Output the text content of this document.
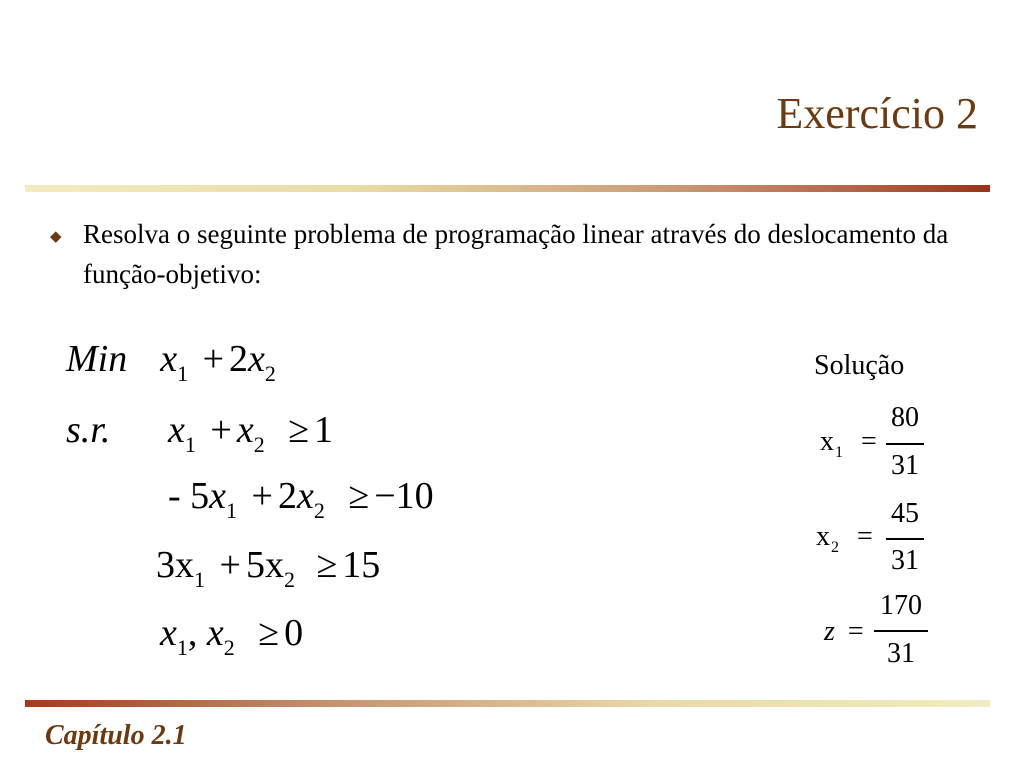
Exercício 2
◆ Resolva o seguinte problema de programação linear através do deslocamento da função-objetivo:
Min $x_1 + 2x_2$
s.r. $x_1 + x_2 \ge 1$
- $5x_1 + 2x_2 \ge -10$
$3x_1 + 5x_2 \ge 15$
$x_1$, $x_2 \ge 0$
Solução
$x_1$ =
80
31
$x_2$ =
45
31
z =
170
31
Capítulo 2.1
